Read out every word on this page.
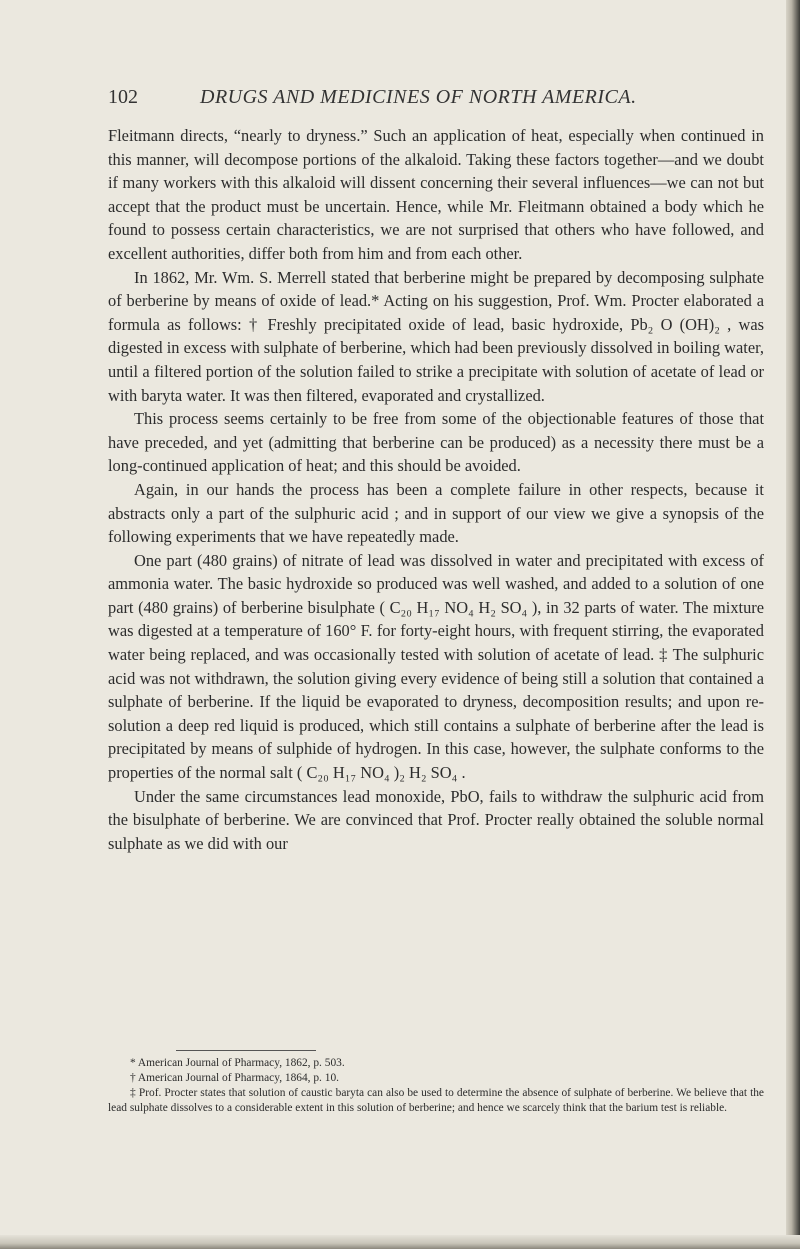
102	DRUGS AND MEDICINES OF NORTH AMERICA.

Fleitmann directs, “nearly to dryness.” Such an application of heat, especially when continued in this manner, will decompose portions of the alkaloid. Taking these factors together—and we doubt if many workers with this alkaloid will dissent concerning their several influences—we can not but accept that the product must be uncertain. Hence, while Mr. Fleitmann obtained a body which he found to possess certain characteristics, we are not surprised that others who have followed, and excellent authorities, differ both from him and from each other.

In 1862, Mr. Wm. S. Merrell stated that berberine might be prepared by decomposing sulphate of berberine by means of oxide of lead.* Acting on his suggestion, Prof. Wm. Procter elaborated a formula as follows: † Freshly precipitated oxide of lead, basic hydroxide, Pb₂ O (OH)₂ , was digested in excess with sulphate of berberine, which had been previously dissolved in boiling water, until a filtered portion of the solution failed to strike a precipitate with solution of acetate of lead or with baryta water. It was then filtered, evaporated and crystallized.

This process seems certainly to be free from some of the objectionable features of those that have preceded, and yet (admitting that berberine can be produced) as a necessity there must be a long-continued application of heat; and this should be avoided.

Again, in our hands the process has been a complete failure in other respects, because it abstracts only a part of the sulphuric acid ; and in support of our view we give a synopsis of the following experiments that we have repeatedly made.

One part (480 grains) of nitrate of lead was dissolved in water and precipitated with excess of ammonia water. The basic hydroxide so produced was well washed, and added to a solution of one part (480 grains) of berberine bisulphate ( C₂₀ H₁₇ NO₄ H₂ SO₄ ), in 32 parts of water. The mixture was digested at a temperature of 160° F. for forty-eight hours, with frequent stirring, the evaporated water being replaced, and was occasionally tested with solution of acetate of lead. ‡ The sulphuric acid was not withdrawn, the solution giving every evidence of being still a solution that contained a sulphate of berberine. If the liquid be evaporated to dryness, decomposition results; and upon re-solution a deep red liquid is produced, which still contains a sulphate of berberine after the lead is precipitated by means of sulphide of hydrogen. In this case, however, the sulphate conforms to the properties of the normal salt ( C₂₀ H₁₇ NO₄ )₂ H₂ SO₄ .

Under the same circumstances lead monoxide, PbO, fails to withdraw the sulphuric acid from the bisulphate of berberine. We are convinced that Prof. Procter really obtained the soluble normal sulphate as we did with our

* American Journal of Pharmacy, 1862, p. 503.

† American Journal of Pharmacy, 1864, p. 10.

‡ Prof. Procter states that solution of caustic baryta can also be used to determine the absence of sulphate of berberine. We believe that the lead sulphate dissolves to a considerable extent in this solution of berberine; and hence we scarcely think that the barium test is reliable.
